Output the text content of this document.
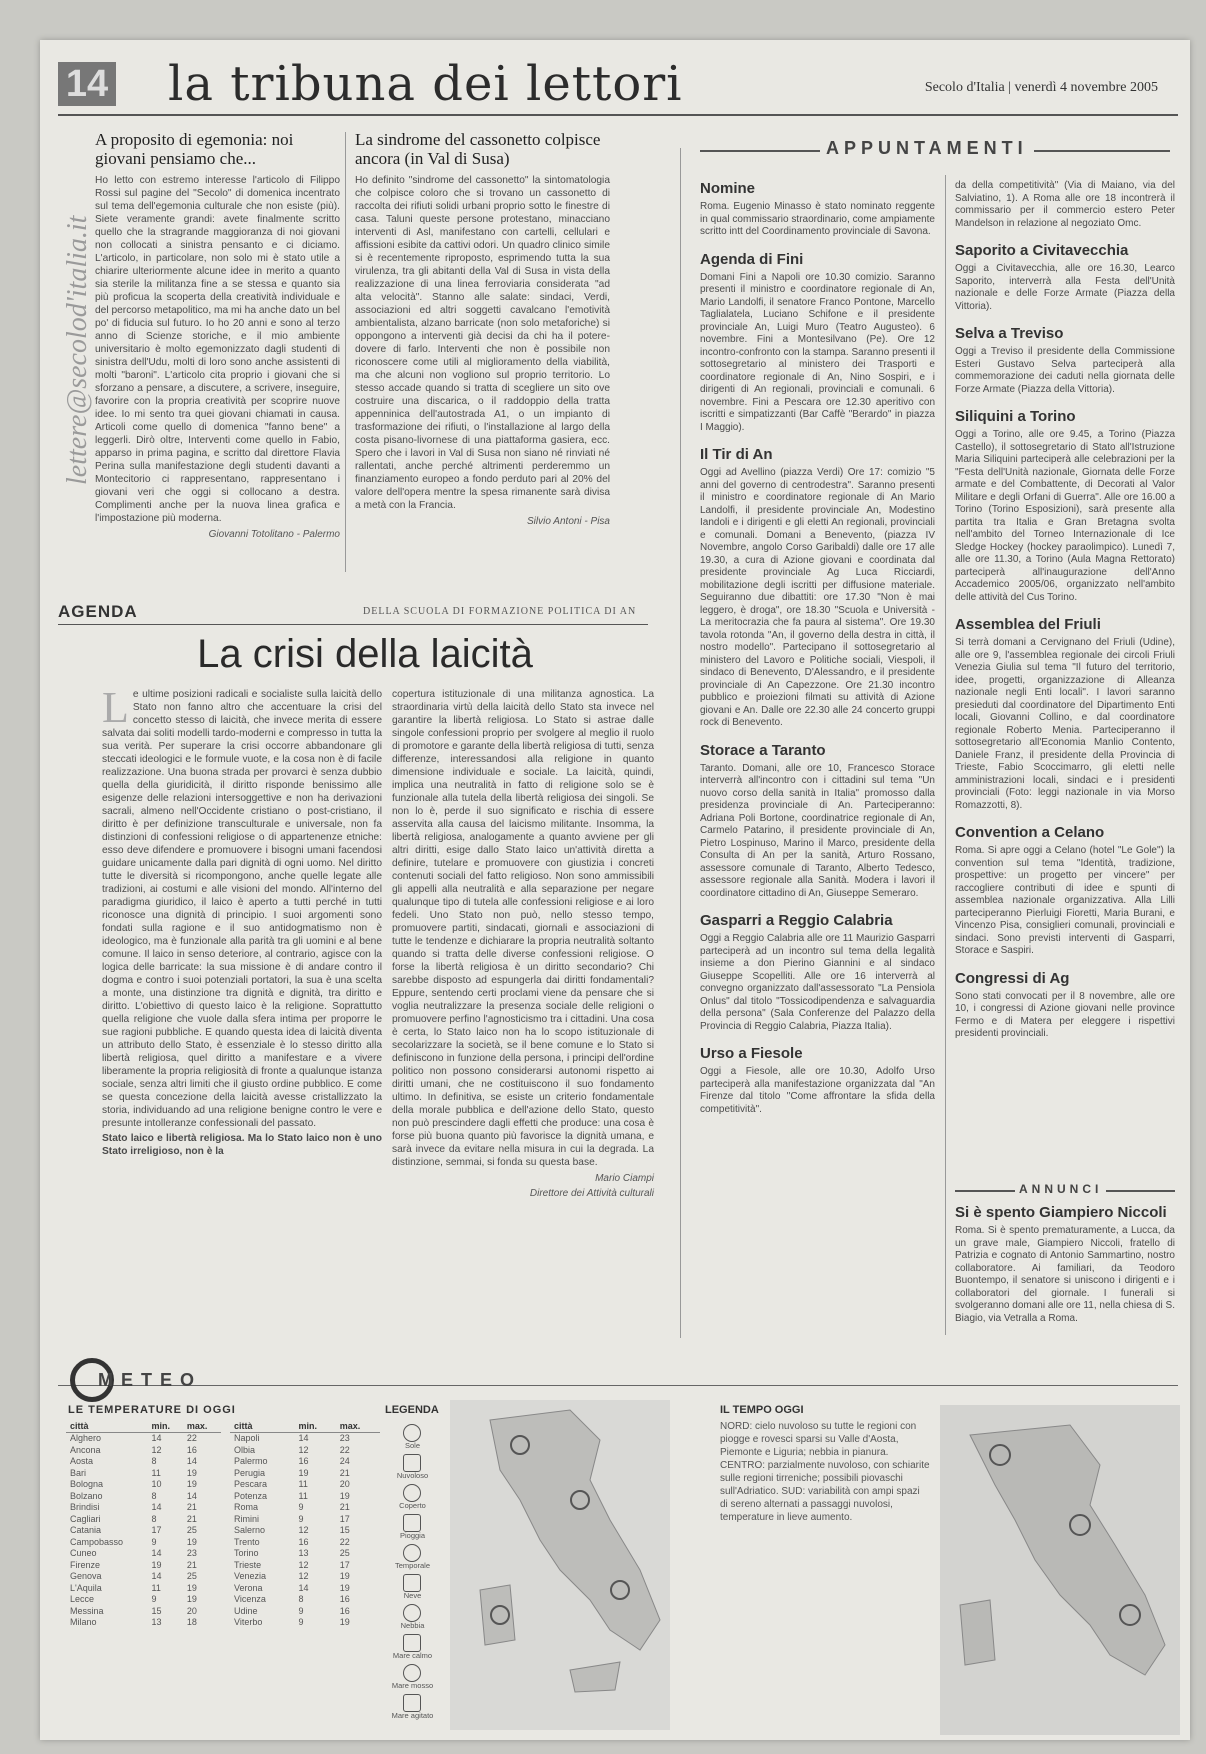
14 la tribuna dei lettori	Secolo d'Italia | venerdì 4 novembre 2005
lettere@secolod'italia.it
A proposito di egemonia: noi giovani pensiamo che...

Ho letto con estremo interesse l'articolo di Filippo Rossi sul pagine del "Secolo" di domenica incentrato sul tema dell'egemonia culturale che non esiste (più). Siete veramente grandi: avete finalmente scritto quello che la stragrande maggioranza di noi giovani non collocati a sinistra pensanto e ci diciamo. L'articolo, in particolare, non solo mi è stato utile a chiarire ulteriormente alcune idee in merito a quanto sia sterile la militanza fine a se stessa e quanto sia più proficua la scoperta della creatività individuale e del percorso metapolitico, ma mi ha anche dato un bel po' di fiducia sul futuro. Io ho 20 anni e sono al terzo anno di Scienze storiche, e il mio ambiente universitario è molto egemonizzato dagli studenti di sinistra dell'Udu, molti di loro sono anche assistenti di molti "baroni". L'articolo cita proprio i giovani che si sforzano a pensare, a discutere, a scrivere, inseguire, favorire con la propria creatività per scoprire nuove idee. Io mi sento tra quei giovani chiamati in causa. Articoli come quello di domenica "fanno bene" a leggerli. Dirò oltre, Interventi come quello in Fabio, apparso in prima pagina, e scritto dal direttore Flavia Perina sulla manifestazione degli studenti davanti a Montecitorio ci rappresentano, rappresentano i giovani veri che oggi si collocano a destra. Complimenti anche per la nuova linea grafica e l'impostazione più moderna.

Giovanni Totolitano - Palermo
La sindrome del cassonetto colpisce ancora (in Val di Susa)

Ho definito "sindrome del cassonetto" la sintomatologia che colpisce coloro che si trovano un cassonetto di raccolta dei rifiuti solidi urbani proprio sotto le finestre di casa. Taluni queste persone protestano, minacciano interventi di Asl, manifestano con cartelli, cellulari e affissioni esibite da cattivi odori. Un quadro clinico simile si è recentemente riproposto, esprimendo tutta la sua virulenza, tra gli abitanti della Val di Susa in vista della realizzazione di una linea ferroviaria considerata "ad alta velocità". Stanno alle salate: sindaci, Verdi, associazioni ed altri soggetti cavalcano l'emotività ambientalista, alzano barricate (non solo metaforiche) si oppongono a interventi già decisi da chi ha il potere-dovere di farlo. Interventi che non è possibile non riconoscere come utili al miglioramento della viabilità, ma che alcuni non vogliono sul proprio territorio. Lo stesso accade quando si tratta di scegliere un sito ove costruire una discarica, o il raddoppio della tratta appenninica dell'autostrada A1, o un impianto di trasformazione dei rifiuti, o l'installazione al largo della costa pisano-livornese di una piattaforma gasiera, ecc. Spero che i lavori in Val di Susa non siano né rinviati né rallentati, anche perché altrimenti perderemmo un finanziamento europeo a fondo perduto pari al 20% del valore dell'opera mentre la spesa rimanente sarà divisa a metà con la Francia.

Silvio Antoni - Pisa
AGENDA	DELLA SCUOLA DI FORMAZIONE POLITICA DI AN
La crisi della laicità

Le ultime posizioni radicali e socialiste sulla laicità dello Stato non fanno altro che accentuare la crisi del concetto stesso di laicità, che invece merita di essere salvata dai soliti modelli tardo-moderni e compresso in tutta la sua verità. Per superare la crisi occorre abbandonare gli steccati ideologici e le formule vuote, e la cosa non è di facile realizzazione. Una buona strada per provarci è senza dubbio quella della giuridicità, il diritto risponde benissimo alle esigenze delle relazioni intersoggettive e non ha derivazioni sacrali, almeno nell'Occidente cristiano o post-cristiano, il diritto è per definizione transculturale e universale, non fa distinzioni di confessioni religiose o di appartenenze etniche: esso deve difendere e promuovere i bisogni umani facendosi guidare unicamente dalla pari dignità di ogni uomo. Nel diritto tutte le diversità si ricompongono, anche quelle legate alle tradizioni, ai costumi e alle visioni del mondo. All'interno del paradigma giuridico, il laico è aperto a tutti perché in tutti riconosce una dignità di principio. I suoi argomenti sono fondati sulla ragione e il suo antidogmatismo non è ideologico, ma è funzionale alla parità tra gli uomini e al bene comune. Il laico in senso deteriore, al contrario, agisce con la logica delle barricate: la sua missione è di andare contro il dogma e contro i suoi potenziali portatori, la sua è una scelta a monte, una distinzione tra dignità e dignità, tra diritto e diritto. L'obiettivo di questo laico è la religione. Soprattutto quella religione che vuole dalla sfera intima per proporre le sue ragioni pubbliche. E quando questa idea di laicità diventa un attributo dello Stato, è essenziale è lo stesso diritto alla libertà religiosa, quel diritto a manifestare e a vivere liberamente la propria religiosità di fronte a qualunque istanza sociale, senza altri limiti che il giusto ordine pubblico. E come se questa concezione della laicità avesse cristallizzato la storia, individuando ad una religione benigne contro le vere e presunte intolleranze confessionali del passato.

Stato laico e libertà religiosa. Ma lo Stato laico non è uno Stato irreligioso, non è la

copertura istituzionale di una militanza agnostica. La straordinaria virtù della laicità dello Stato sta invece nel garantire la libertà religiosa. Lo Stato si astrae dalle singole confessioni proprio per svolgere al meglio il ruolo di promotore e garante della libertà religiosa di tutti, senza differenze, interessandosi alla religione in quanto dimensione individuale e sociale. La laicità, quindi, implica una neutralità in fatto di religione solo se è funzionale alla tutela della libertà religiosa dei singoli. Se non lo è, perde il suo significato e rischia di essere asservita alla causa del laicismo militante. Insomma, la libertà religiosa, analogamente a quanto avviene per gli altri diritti, esige dallo Stato laico un'attività diretta a definire, tutelare e promuovere con giustizia i concreti contenuti sociali del fatto religioso. Non sono ammissibili gli appelli alla neutralità e alla separazione per negare qualunque tipo di tutela alle confessioni religiose e ai loro fedeli. Uno Stato non può, nello stesso tempo, promuovere partiti, sindacati, giornali e associazioni di tutte le tendenze e dichiarare la propria neutralità soltanto quando si tratta delle diverse confessioni religiose. O forse la libertà religiosa è un diritto secondario? Chi sarebbe disposto ad espungerla dai diritti fondamentali? Eppure, sentendo certi proclami viene da pensare che si voglia neutralizzare la presenza sociale delle religioni o promuovere perfino l'agnosticismo tra i cittadini. Una cosa è certa, lo Stato laico non ha lo scopo istituzionale di secolarizzare la società, se il bene comune e lo Stato si definiscono in funzione della persona, i principi dell'ordine politico non possono considerarsi autonomi rispetto ai diritti umani, che ne costituiscono il suo fondamento ultimo. In definitiva, se esiste un criterio fondamentale della morale pubblica e dell'azione dello Stato, questo non può prescindere dagli effetti che produce: una cosa è forse più buona quanto più favorisce la dignità umana, e sarà invece da evitare nella misura in cui la degrada. La distinzione, semmai, si fonda su questa base.

Mario Ciampi
Direttore dei Attività culturali
APPUNTAMENTI
Nomine

Roma. Eugenio Minasso è stato nominato reggente in qual commissario straordinario, come ampiamente scritto intt del Coordinamento provinciale di Savona.

Agenda di Fini

Domani Fini a Napoli ore 10.30 comizio. Saranno presenti il ministro e coordinatore regionale di An, Mario Landolfi, il senatore Franco Pontone, Marcello Taglialatela, Luciano Schifone e il presidente provinciale An, Luigi Muro (Teatro Augusteo). 6 novembre. Fini a Montesilvano (Pe). Ore 12 incontro-confronto con la stampa. Saranno presenti il sottosegretario al ministero dei Trasporti e coordinatore regionale di An, Nino Sospiri, e i dirigenti di An regionali, provinciali e comunali. 6 novembre. Fini a Pescara ore 12.30 aperitivo con iscritti e simpatizzanti (Bar Caffè "Berardo" in piazza I Maggio).

Il Tir di An

Oggi ad Avellino (piazza Verdi) Ore 17: comizio "5 anni del governo di centrodestra". Saranno presenti il ministro e coordinatore regionale di An Mario Landolfi, il presidente provinciale An, Modestino Iandoli e i dirigenti e gli eletti An regionali, provinciali e comunali. Domani a Benevento, (piazza IV Novembre, angolo Corso Garibaldi) dalle ore 17 alle 19.30, a cura di Azione giovani e coordinata dal presidente provinciale Ag Luca Ricciardi, mobilitazione degli iscritti per diffusione materiale. Seguiranno due dibattiti: ore 17.30 "Non è mai leggero, è droga", ore 18.30 "Scuola e Università - La meritocrazia che fa paura al sistema". Ore 19.30 tavola rotonda "An, il governo della destra in città, il nostro modello". Partecipano il sottosegretario al ministero del Lavoro e Politiche sociali, Viespoli, il sindaco di Benevento, D'Alessandro, e il presidente provinciale di An Capezzone. Ore 21.30 incontro pubblico e proiezioni filmati su attività di Azione giovani e An. Dalle ore 22.30 alle 24 concerto gruppi rock di Benevento.

Storace a Taranto

Taranto. Domani, alle ore 10, Francesco Storace interverrà all'incontro con i cittadini sul tema "Un nuovo corso della sanità in Italia" promosso dalla presidenza provinciale di An. Parteciperanno: Adriana Poli Bortone, coordinatrice regionale di An, Carmelo Patarino, il presidente provinciale di An, Pietro Lospinuso, Marino il Marco, presidente della Consulta di An per la sanità, Arturo Rossano, assessore comunale di Taranto, Alberto Tedesco, assessore regionale alla Sanità. Modera i lavori il coordinatore cittadino di An, Giuseppe Semeraro.

Gasparri a Reggio Calabria

Oggi a Reggio Calabria alle ore 11 Maurizio Gasparri parteciperà ad un incontro sul tema della legalità insieme a don Pierino Giannini e al sindaco Giuseppe Scopelliti. Alle ore 16 interverrà al convegno organizzato dall'assessorato "La Pensiola Onlus" dal titolo "Tossicodipendenza e salvaguardia della persona" (Sala Conferenze del Palazzo della Provincia di Reggio Calabria, Piazza Italia).

Urso a Fiesole

Oggi a Fiesole, alle ore 10.30, Adolfo Urso parteciperà alla manifestazione organizzata dal "An Firenze dal titolo "Come affrontare la sfida della competitività".

da della competitività" (Via di Maiano, via del Salviatino, 1). A Roma alle ore 18 incontrerà il commissario per il commercio estero Peter Mandelson in relazione al negoziato Omc.

Saporito a Civitavecchia

Oggi a Civitavecchia, alle ore 16.30, Learco Saporito, interverrà alla Festa dell'Unità nazionale e delle Forze Armate (Piazza della Vittoria).

Selva a Treviso

Oggi a Treviso il presidente della Commissione Esteri Gustavo Selva parteciperà alla commemorazione dei caduti nella giornata delle Forze Armate (Piazza della Vittoria).

Siliquini a Torino

Oggi a Torino, alle ore 9.45, a Torino (Piazza Castello), il sottosegretario di Stato all'Istruzione Maria Siliquini parteciperà alle celebrazioni per la "Festa dell'Unità nazionale, Giornata delle Forze armate e del Combattente, di Decorati al Valor Militare e degli Orfani di Guerra". Alle ore 16.00 a Torino (Torino Esposizioni), sarà presente alla partita tra Italia e Gran Bretagna svolta nell'ambito del Torneo Internazionale di Ice Sledge Hockey (hockey paraolimpico). Lunedì 7, alle ore 11.30, a Torino (Aula Magna Rettorato) parteciperà all'inaugurazione dell'Anno Accademico 2005/06, organizzato nell'ambito delle attività del Cus Torino.

Assemblea del Friuli

Si terrà domani a Cervignano del Friuli (Udine), alle ore 9, l'assemblea regionale dei circoli Friuli Venezia Giulia sul tema "Il futuro del territorio, idee, progetti, organizzazione di Alleanza nazionale negli Enti locali". I lavori saranno presieduti dal coordinatore del Dipartimento Enti locali, Giovanni Collino, e dal coordinatore regionale Roberto Menia. Parteciperanno il sottosegretario all'Economia Manlio Contento, Daniele Franz, il presidente della Provincia di Trieste, Fabio Scoccimarro, gli eletti nelle amministrazioni locali, sindaci e i presidenti provinciali (Foto: leggi nazionale in via Morso Romazzotti, 8).

Convention a Celano

Roma. Si apre oggi a Celano (hotel "Le Gole") la convention sul tema "Identità, tradizione, prospettive: un progetto per vincere" per raccogliere contributi di idee e spunti di assemblea nazionale organizzativa. Alla Lilli parteciperanno Pierluigi Fioretti, Maria Burani, e Vincenzo Pisa, consiglieri comunali, provinciali e sindaci. Sono previsti interventi di Gasparri, Storace e Saspiri.

Congressi di Ag

Sono stati convocati per il 8 novembre, alle ore 10, i congressi di Azione giovani nelle province Fermo e di Matera per eleggere i rispettivi presidenti provinciali.

ANNUNCI
Si è spento Giampiero Niccoli

Roma. Si è spento prematuramente, a Lucca, da un grave male, Giampiero Niccoli, fratello di Patrizia e cognato di Antonio Sammartino, nostro collaboratore. Ai familiari, da Teodoro Buontempo, il senatore si uniscono i dirigenti e i collaboratori del giornale. I funerali si svolgeranno domani alle ore 11, nella chiesa di S. Biagio, via Vetralla a Roma.

METEO
LE TEMPERATURE DI OGGI
città	min.	max.
Alghero	14	22
Ancona	12	16
Aosta	8	14
Bari	11	19
Bologna	10	19
Bolzano	8	14
Brindisi	14	21
Cagliari	8	21
Catania	17	25
Campobasso	9	19
Cuneo	14	23
Firenze	19	21
Genova	14	25
L'Aquila	11	19
Lecce	9	19
Messina	15	20
Milano	13	18
città	min.	max.
Napoli	14	23
Olbia	12	22
Palermo	16	24
Perugia	19	21
Pescara	11	20
Potenza	11	19
Roma	9	21
Rimini	9	17
Salerno	12	15
Trento	16	22
Torino	13	25
Trieste	12	17
Venezia	12	19
Verona	14	19
Vicenza	8	16
Udine	9	16
Viterbo	9	19
LEGENDA
Sole
Nuvoloso
Coperto
Pioggia
Temporale
Neve
Nebbia
Mare calmo
Mare mosso
Mare agitato
IL TEMPO OGGI
NORD: cielo nuvoloso su tutte le regioni con piogge e rovesci sparsi su Valle d'Aosta, Piemonte e Liguria; nebbia in pianura. CENTRO: parzialmente nuvoloso, con schiarite sulle regioni tirreniche; possibili piovaschi sull'Adriatico. SUD: variabilità con ampi spazi di sereno alternati a passaggi nuvolosi, temperature in lieve aumento.
